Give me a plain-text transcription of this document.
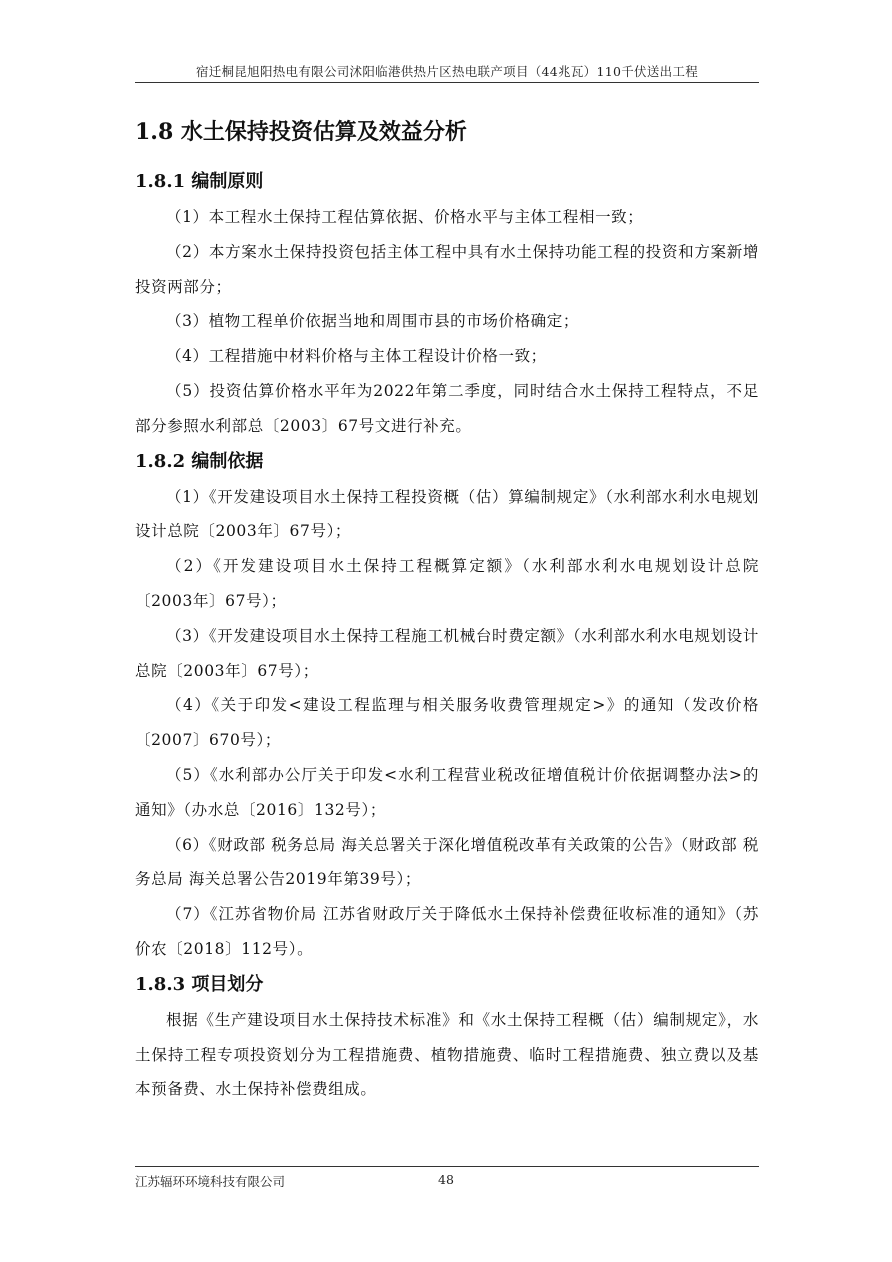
宿迁桐昆旭阳热电有限公司沭阳临港供热片区热电联产项目（44兆瓦）110千伏送出工程
1.8 水土保持投资估算及效益分析
1.8.1 编制原则

（1）本工程水土保持工程估算依据、价格水平与主体工程相一致；

（2）本方案水土保持投资包括主体工程中具有水土保持功能工程的投资和方案新增投资两部分；

（3）植物工程单价依据当地和周围市县的市场价格确定；

（4）工程措施中材料价格与主体工程设计价格一致；

（5）投资估算价格水平年为2022年第二季度，同时结合水土保持工程特点，不足部分参照水利部总〔2003〕67号文进行补充。

1.8.2 编制依据

（1）《开发建设项目水土保持工程投资概（估）算编制规定》（水利部水利水电规划设计总院〔2003年〕67号）；

（2）《开发建设项目水土保持工程概算定额》（水利部水利水电规划设计总院〔2003年〕67号）；

（3）《开发建设项目水土保持工程施工机械台时费定额》（水利部水利水电规划设计总院〔2003年〕67号）；

（4）《关于印发<建设工程监理与相关服务收费管理规定>》的通知（发改价格〔2007〕670号）；

（5）《水利部办公厅关于印发<水利工程营业税改征增值税计价依据调整办法>的通知》（办水总〔2016〕132号）；

（6）《财政部 税务总局 海关总署关于深化增值税改革有关政策的公告》（财政部 税务总局 海关总署公告2019年第39号）；

（7）《江苏省物价局 江苏省财政厅关于降低水土保持补偿费征收标准的通知》（苏价农〔2018〕112号）。

1.8.3 项目划分

根据《生产建设项目水土保持技术标准》和《水土保持工程概（估）编制规定》，水土保持工程专项投资划分为工程措施费、植物措施费、临时工程措施费、独立费以及基本预备费、水土保持补偿费组成。

江苏辐环环境科技有限公司	48
